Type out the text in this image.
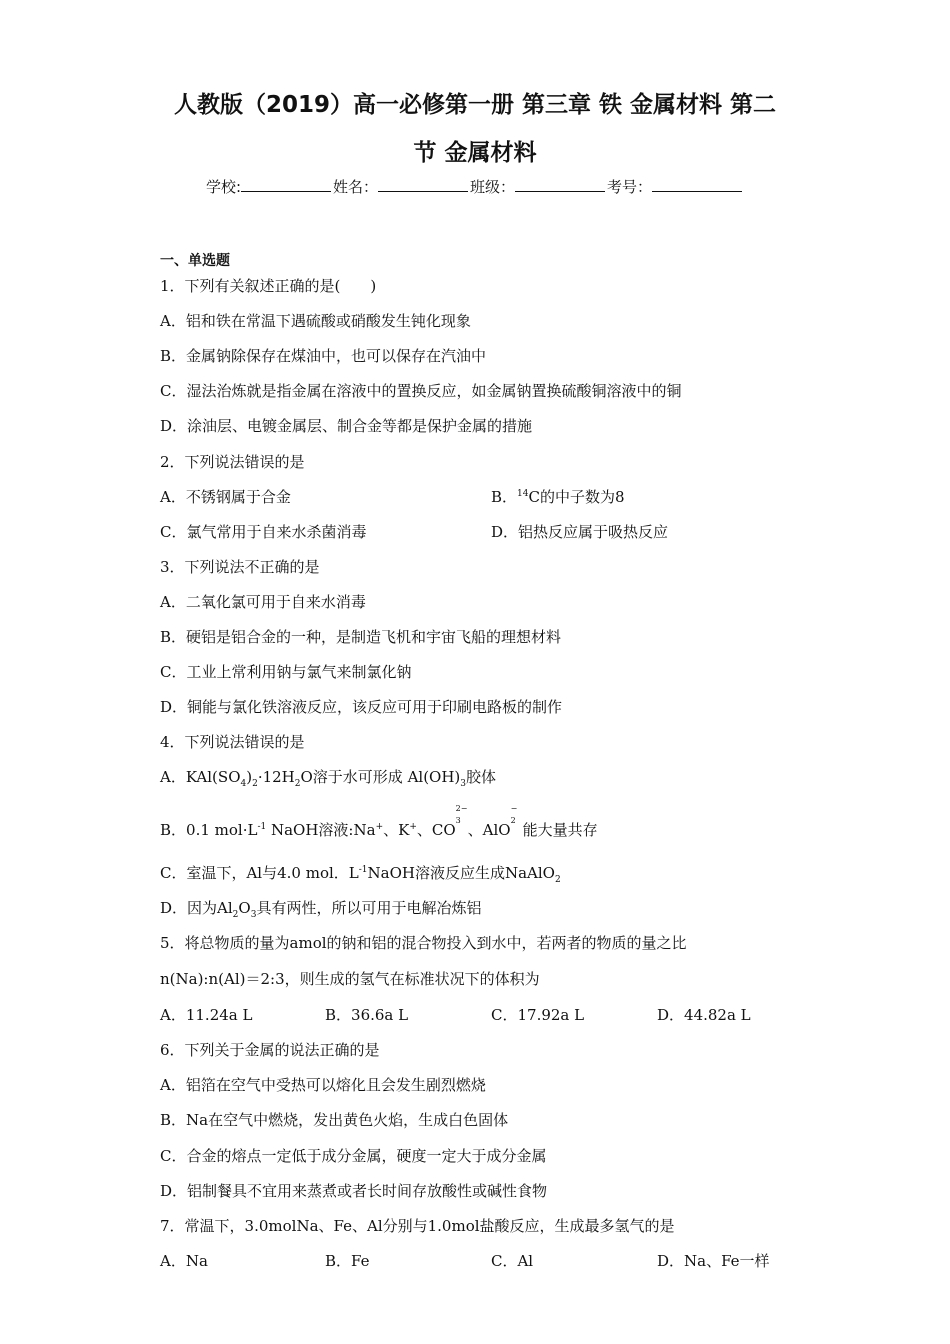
人教版（2019）高一必修第一册 第三章 铁 金属材料 第二
节 金属材料
学校:	姓名：	班级：	考号：
一、单选题
1．下列有关叙述正确的是(　　)
A．铝和铁在常温下遇硫酸或硝酸发生钝化现象
B．金属钠除保存在煤油中，也可以保存在汽油中
C．湿法治炼就是指金属在溶液中的置换反应，如金属钠置换硫酸铜溶液中的铜
D．涂油层、电镀金属层、制合金等都是保护金属的措施
2．下列说法错误的是
A．不锈钢属于合金	B．$^{14}$C的中子数为8
C．氯气常用于自来水杀菌消毒	D．铝热反应属于吸热反应
3．下列说法不正确的是
A．二氧化氯可用于自来水消毒
B．硬铝是铝合金的一种，是制造飞机和宇宙飞船的理想材料
C．工业上常利用钠与氯气来制氯化钠
D．铜能与氯化铁溶液反应，该反应可用于印刷电路板的制作
4．下列说法错误的是
A．$KAl(SO_4)_2\cdot 12H_2O$溶于水可形成 $Al(OH)_3$胶体
B．0.1 $mol\cdot L^{-1}$ NaOH溶液:Na+、K+、CO
2−
3
、AlO
−
2
能大量共存
C．室温下，Al与4.0 mol．$L^{-1}NaOH$溶液反应生成NaAlO$_2$
D．因为$Al_2O_3$具有两性，所以可用于电解冶炼铝
5．将总物质的量为amol的钠和铝的混合物投入到水中，若两者的物质的量之比
n(Na):n(Al)＝2:3，则生成的氢气在标准状况下的体积为
A．11.24a L	B．36.6a L	C．17.92a L	D．44.82a L
6．下列关于金属的说法正确的是
A．铝箔在空气中受热可以熔化且会发生剧烈燃烧
B．Na在空气中燃烧，发出黄色火焰，生成白色固体
C．合金的熔点一定低于成分金属，硬度一定大于成分金属
D．铝制餐具不宜用来蒸煮或者长时间存放酸性或碱性食物
7．常温下，3.0molNa、Fe、Al分别与1.0mol盐酸反应，生成最多氢气的是
A．Na	B．Fe	C．Al	D．Na、Fe一样
